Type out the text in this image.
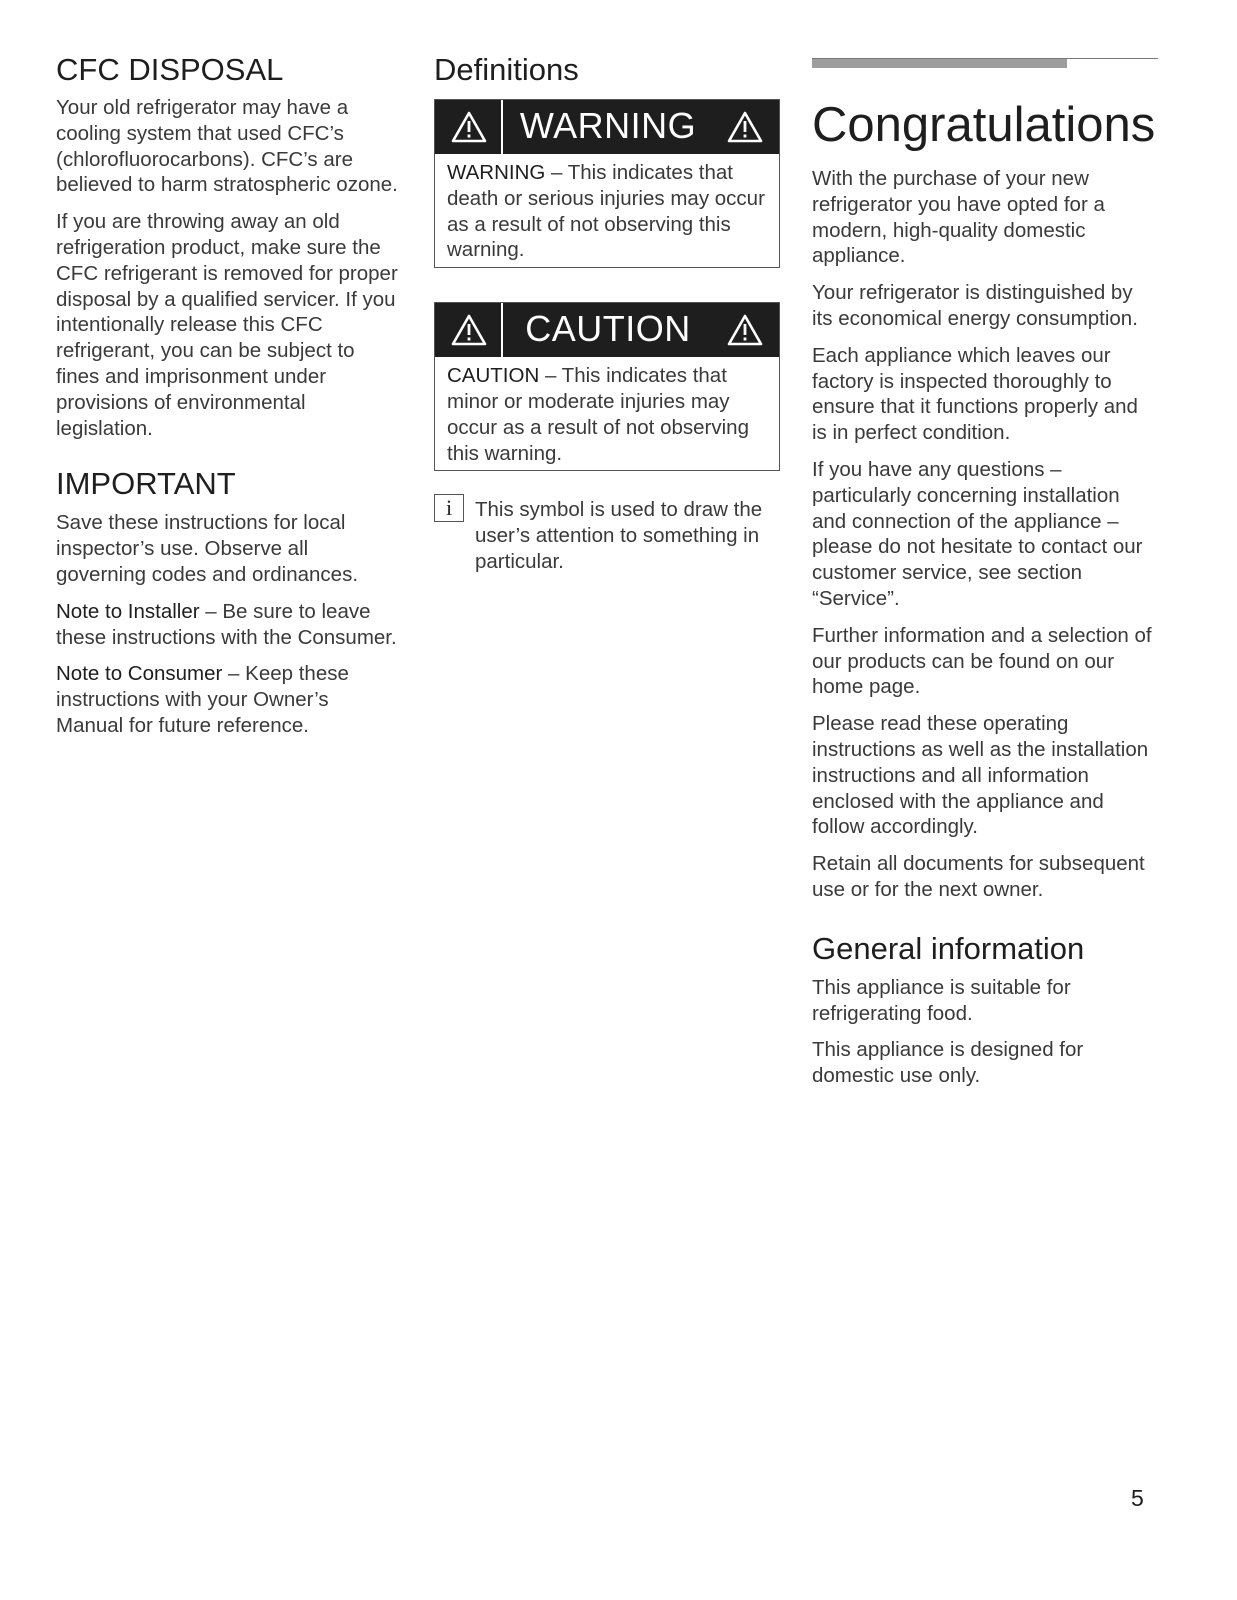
CFC DISPOSAL

Your old refrigerator may have a cooling system that used CFC’s (chlorofluorocarbons). CFC’s are believed to harm stratospheric ozone.

If you are throwing away an old refrigeration product, make sure the CFC refrigerant is removed for proper disposal by a qualified servicer. If you intentionally release this CFC refrigerant, you can be subject to fines and imprisonment under provisions of environmental legislation.

IMPORTANT

Save these instructions for local inspector’s use. Observe all governing codes and ordinances.

Note to Installer – Be sure to leave these instructions with the Consumer.

Note to Consumer – Keep these instructions with your Owner’s Manual for future reference.

Definitions
WARNING

WARNING – This indicates that death or serious injuries may occur as a result of not observing this warning.

CAUTION

CAUTION – This indicates that minor or moderate injuries may occur as a result of not observing this warning.

i	This symbol is used to draw the user’s attention to something in particular.

Congratulations

With the purchase of your new refrigerator you have opted for a modern, high-quality domestic appliance.

Your refrigerator is distinguished by its economical energy consumption.

Each appliance which leaves our factory is inspected thoroughly to ensure that it functions properly and is in perfect condition.

If you have any questions – particularly concerning installation and connection of the appliance – please do not hesitate to contact our customer service, see section “Service”.

Further information and a selection of our products can be found on our home page.

Please read these operating instructions as well as the installation instructions and all information enclosed with the appliance and follow accordingly.

Retain all documents for subsequent use or for the next owner.

General information

This appliance is suitable for refrigerating food.

This appliance is designed for domestic use only.

5
